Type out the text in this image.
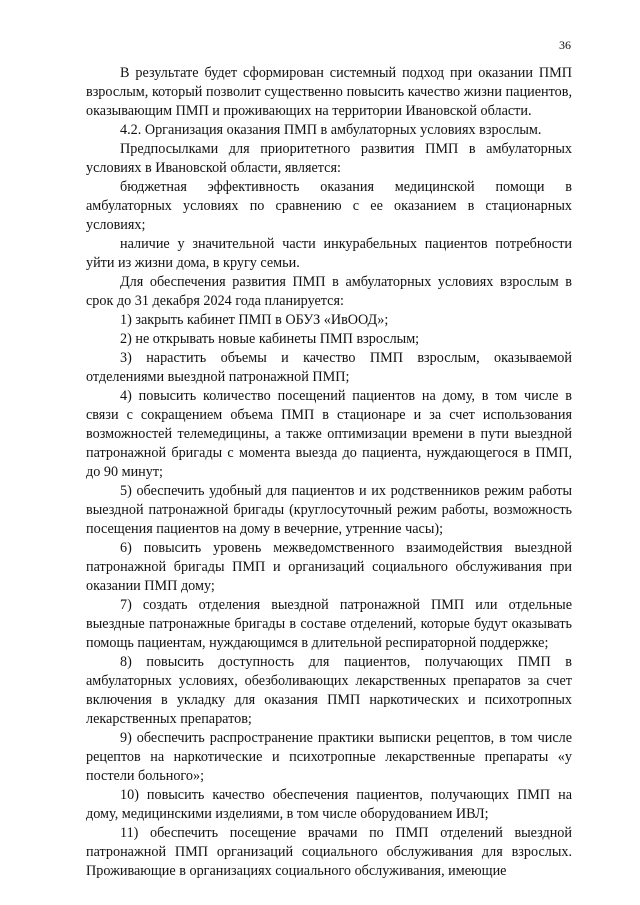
36

В результате будет сформирован системный подход при оказании ПМП взрослым, который позволит существенно повысить качество жизни пациентов, оказывающим ПМП и проживающих на территории Ивановской области.

4.2. Организация оказания ПМП в амбулаторных условиях взрослым.

Предпосылками для приоритетного развития ПМП в амбулаторных условиях в Ивановской области, является:

бюджетная эффективность оказания медицинской помощи в амбулаторных условиях по сравнению с ее оказанием в стационарных условиях;

наличие у значительной части инкурабельных пациентов потребности уйти из жизни дома, в кругу семьи.

Для обеспечения развития ПМП в амбулаторных условиях взрослым в срок до 31 декабря 2024 года планируется:

1) закрыть кабинет ПМП в ОБУЗ «ИвООД»;

2) не открывать новые кабинеты ПМП взрослым;

3) нарастить объемы и качество ПМП взрослым, оказываемой отделениями выездной патронажной ПМП;

4) повысить количество посещений пациентов на дому, в том числе в связи с сокращением объема ПМП в стационаре и за счет использования возможностей телемедицины, а также оптимизации времени в пути выездной патронажной бригады с момента выезда до пациента, нуждающегося в ПМП, до 90 минут;

5) обеспечить удобный для пациентов и их родственников режим работы выездной патронажной бригады (круглосуточный режим работы, возможность посещения пациентов на дому в вечерние, утренние часы);

6) повысить уровень межведомственного взаимодействия выездной патронажной бригады ПМП и организаций социального обслуживания при оказании ПМП дому;

7) создать отделения выездной патронажной ПМП или отдельные выездные патронажные бригады в составе отделений, которые будут оказывать помощь пациентам, нуждающимся в длительной респираторной поддержке;

8) повысить доступность для пациентов, получающих ПМП в амбулаторных условиях, обезболивающих лекарственных препаратов за счет включения в укладку для оказания ПМП наркотических и психотропных лекарственных препаратов;

9) обеспечить распространение практики выписки рецептов, в том числе рецептов на наркотические и психотропные лекарственные препараты «у постели больного»;

10) повысить качество обеспечения пациентов, получающих ПМП на дому, медицинскими изделиями, в том числе оборудованием ИВЛ;

11) обеспечить посещение врачами по ПМП отделений выездной патронажной ПМП организаций социального обслуживания для взрослых. Проживающие в организациях социального обслуживания, имеющие
